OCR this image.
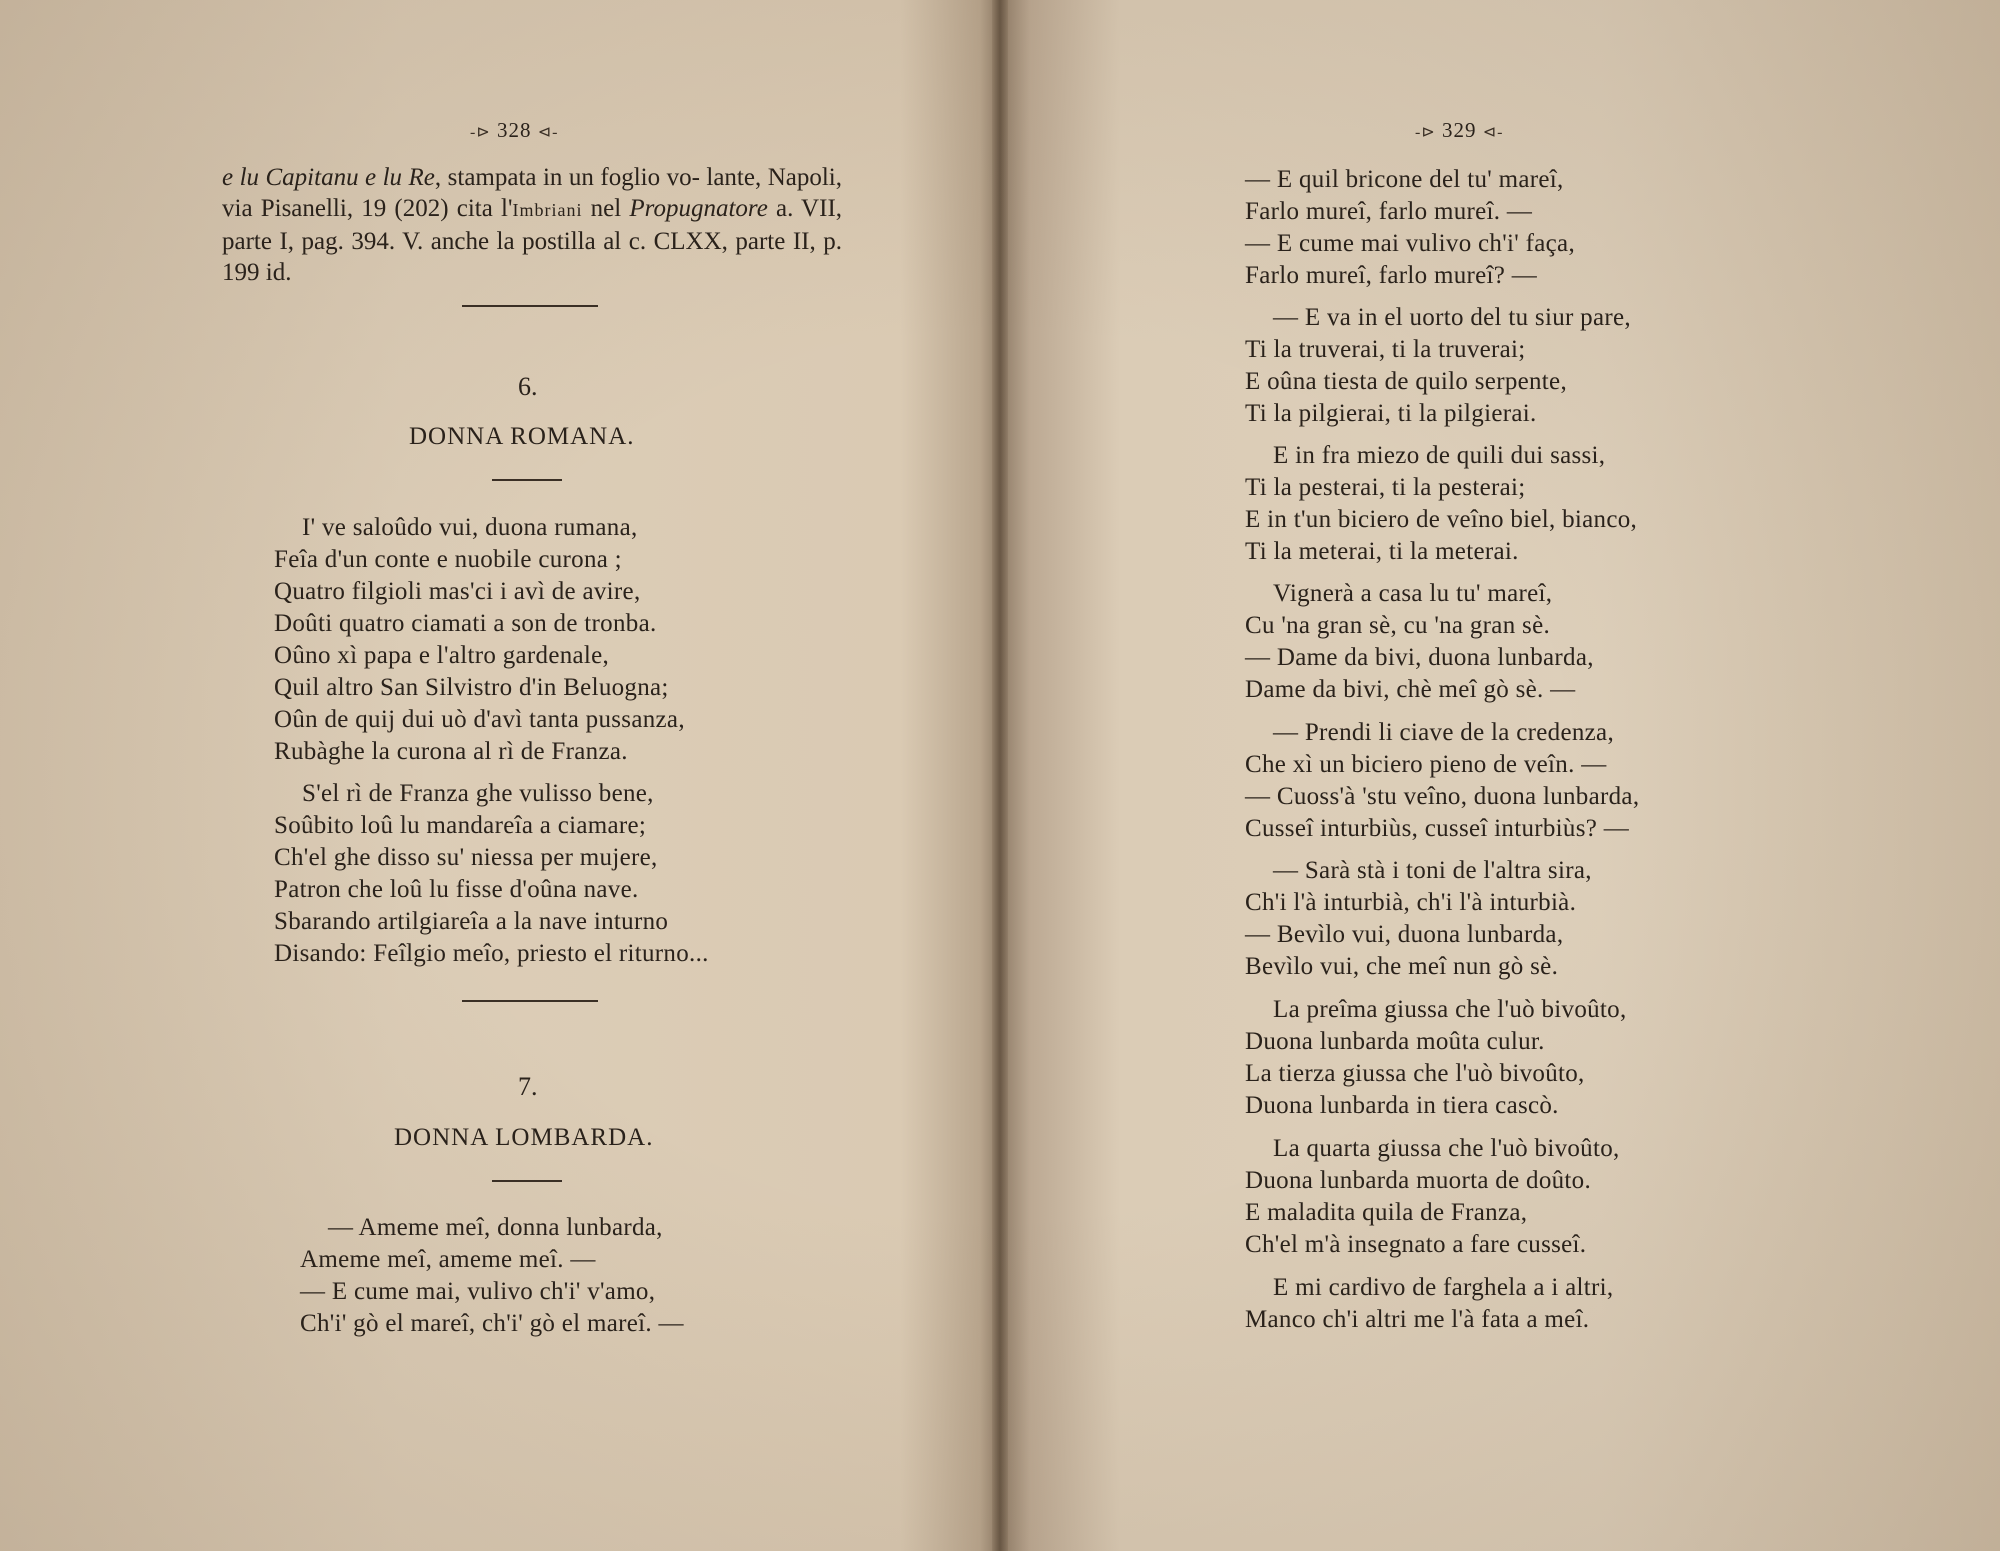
-⊳ 328 ⊲-
e lu Capitanu e lu Re, stampata in un foglio vo- lante, Napoli, via Pisanelli, 19 (202) cita l'Imbriani nel Propugnatore a. VII, parte I, pag. 394. V. anche la postilla al c. CLXX, parte II, p. 199 id.
6.
DONNA ROMANA.
I' ve saloûdo vui, duona rumana,
Feîa d'un conte e nuobile curona ;
Quatro filgioli mas'ci i avì de avire,
Doûti quatro ciamati a son de tronba.
Oûno xì papa e l'altro gardenale,
Quil altro San Silvistro d'in Beluogna;
Oûn de quij dui uò d'avì tanta pussanza,
Rubàghe la curona al rì de Franza.
S'el rì de Franza ghe vulisso bene,
Soûbito loû lu mandareîa a ciamare;
Ch'el ghe disso su' niessa per mujere,
Patron che loû lu fisse d'oûna nave.
Sbarando artilgiareîa a la nave inturno
Disando: Feîlgio meîo, priesto el riturno...
7.
DONNA LOMBARDA.
— Ameme meî, donna lunbarda,
Ameme meî, ameme meî. —
— E cume mai, vulivo ch'i' v'amo,
Ch'i' gò el mareî, ch'i' gò el mareî. —
-⊳ 329 ⊲-
— E quil bricone del tu' mareî,
Farlo mureî, farlo mureî. —
— E cume mai vulivo ch'i' faça,
Farlo mureî, farlo mureî? —
— E va in el uorto del tu siur pare,
Ti la truverai, ti la truverai;
E oûna tiesta de quilo serpente,
Ti la pilgierai, ti la pilgierai.
E in fra miezo de quili dui sassi,
Ti la pesterai, ti la pesterai;
E in t'un biciero de veîno biel, bianco,
Ti la meterai, ti la meterai.
Vignerà a casa lu tu' mareî,
Cu 'na gran sè, cu 'na gran sè.
— Dame da bivi, duona lunbarda,
Dame da bivi, chè meî gò sè. —
— Prendi li ciave de la credenza,
Che xì un biciero pieno de veîn. —
— Cuoss'à 'stu veîno, duona lunbarda,
Cusseî inturbiùs, cusseî inturbiùs? —
— Sarà stà i toni de l'altra sira,
Ch'i l'à inturbià, ch'i l'à inturbià.
— Bevìlo vui, duona lunbarda,
Bevìlo vui, che meî nun gò sè.
La preîma giussa che l'uò bivoûto,
Duona lunbarda moûta culur.
La tierza giussa che l'uò bivoûto,
Duona lunbarda in tiera cascò.
La quarta giussa che l'uò bivoûto,
Duona lunbarda muorta de doûto.
E maladita quila de Franza,
Ch'el m'à insegnato a fare cusseî.
E mi cardivo de farghela a i altri,
Manco ch'i altri me l'à fata a meî.
